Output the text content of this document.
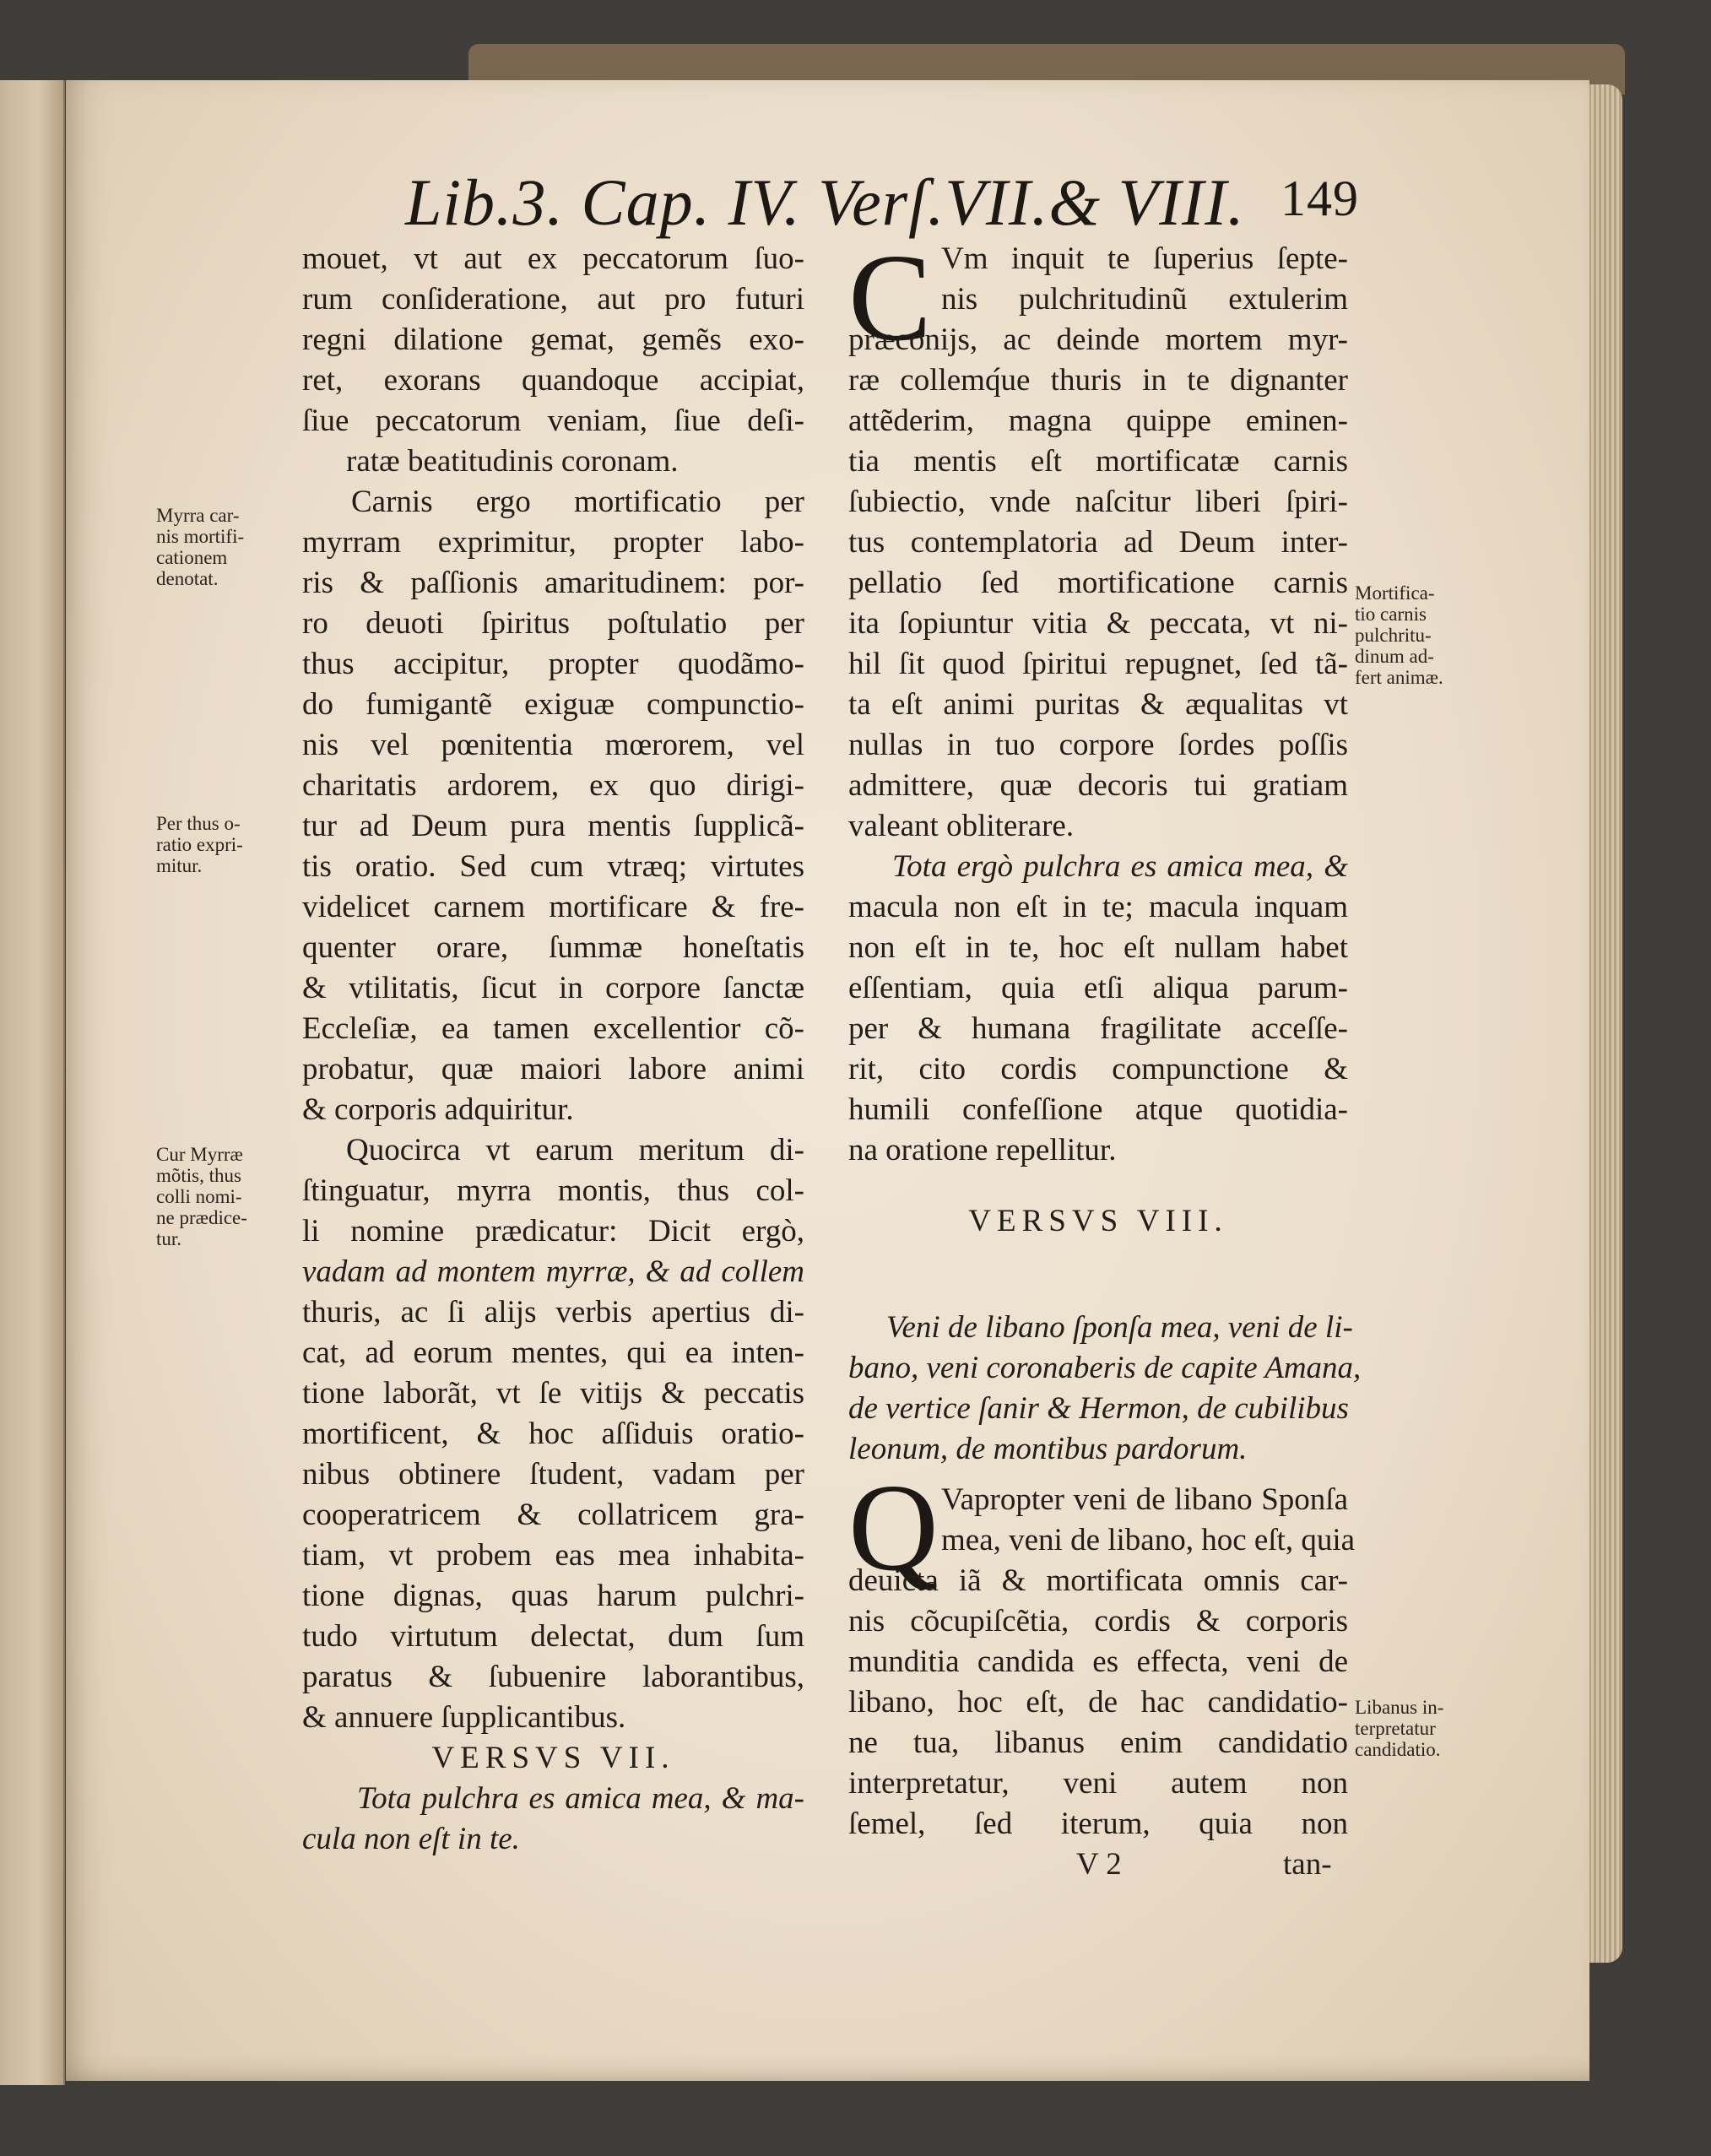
Lib.3. Cap. IV. Verſ.VII.& VIII. 149
mouet, vt aut ex peccatorum ſuo-
rum conſideratione, aut pro futuri
regni dilatione gemat, gemẽs exo-
ret, exorans quandoque accipiat,
ſiue peccatorum veniam, ſiue deſi-
ratæ beatitudinis coronam.
Carnis ergo mortificatio per
myrram exprimitur, propter labo-
ris & paſſionis amaritudinem: por-
ro deuoti ſpiritus poſtulatio per
thus accipitur, propter quodãmo-
do fumigantẽ exiguæ compunctio-
nis vel pœnitentia mœrorem, vel
charitatis ardorem, ex quo dirigi-
tur ad Deum pura mentis ſupplicã-
tis oratio. Sed cum vtræq; virtutes
videlicet carnem mortificare & fre-
quenter orare, ſummæ honeſtatis
& vtilitatis, ſicut in corpore ſanctæ
Eccleſiæ, ea tamen excellentior cõ-
probatur, quæ maiori labore animi
& corporis adquiritur.
Quocirca vt earum meritum di-
ſtinguatur, myrra montis, thus col-
li nomine prædicatur: Dicit ergò,
vadam ad montem myrræ, & ad collem
thuris, ac ſi alijs verbis apertius di-
cat, ad eorum mentes, qui ea inten-
tione laborãt, vt ſe vitijs & peccatis
mortificent, & hoc aſſiduis oratio-
nibus obtinere ſtudent, vadam per
cooperatricem & collatricem gra-
tiam, vt probem eas mea inhabita-
tione dignas, quas harum pulchri-
tudo virtutum delectat, dum ſum
paratus & ſubuenire laborantibus,
& annuere ſupplicantibus.
VERSVS VII.
Tota pulchra es amica mea, & ma-
cula non eſt in te.
Myrra car-
nis mortifi-
cationem
denotat.
Per thus o-
ratio expri-
mitur.
Cur Myrræ
mõtis, thus
colli nomi-
ne prædice-
tur.
C
Q
Vm inquit te ſuperius ſepte-
nis pulchritudinũ extulerim
præconijs, ac deinde mortem myr-
ræ collemq́ue thuris in te dignanter
attẽderim, magna quippe eminen-
tia mentis eſt mortificatæ carnis
ſubiectio, vnde naſcitur liberi ſpiri-
tus contemplatoria ad Deum inter-
pellatio ſed mortificatione carnis
ita ſopiuntur vitia & peccata, vt ni-
hil ſit quod ſpiritui repugnet, ſed tã-
ta eſt animi puritas & æqualitas vt
nullas in tuo corpore ſordes poſſis
admittere, quæ decoris tui gratiam
valeant obliterare.
Tota ergò pulchra es amica mea, &
macula non eſt in te; macula inquam
non eſt in te, hoc eſt nullam habet
eſſentiam, quia etſi aliqua parum-
per & humana fragilitate acceſſe-
rit, cito cordis compunctione &
humili confeſſione atque quotidia-
na oratione repellitur.
VERSVS VIII.
Veni de libano ſponſa mea, veni de li-
bano, veni coronaberis de capite Amana,
de vertice ſanir & Hermon, de cubilibus
leonum, de montibus pardorum.
Vapropter veni de libano Sponſa
mea, veni de libano, hoc eſt, quia
deuicta iã & mortificata omnis car-
nis cõcupiſcẽtia, cordis & corporis
munditia candida es effecta, veni de
libano, hoc eſt, de hac candidatio-
ne tua, libanus enim candidatio
interpretatur, veni autem non
ſemel, ſed iterum, quia non
V 2	tan-
Mortifica-
tio carnis
pulchritu-
dinum ad-
fert animæ.
Libanus in-
terpretatur
candidatio.
